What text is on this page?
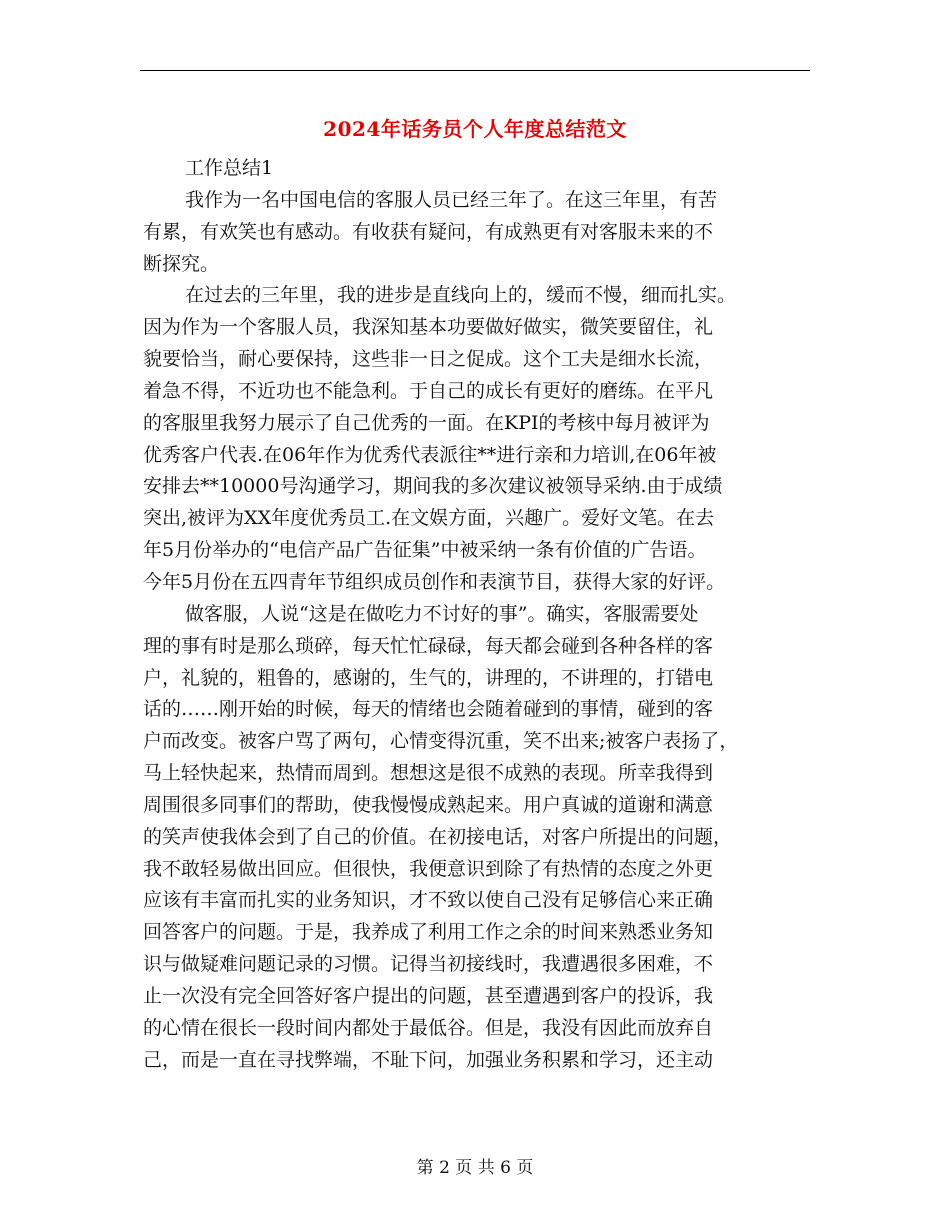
2024年话务员个人年度总结范文
工作总结1
我作为一名中国电信的客服人员已经三年了。在这三年里，有苦
有累，有欢笑也有感动。有收获有疑问，有成熟更有对客服未来的不
断探究。
在过去的三年里，我的进步是直线向上的，缓而不慢，细而扎实。
因为作为一个客服人员，我深知基本功要做好做实，微笑要留住，礼
貌要恰当，耐心要保持，这些非一日之促成。这个工夫是细水长流，
着急不得，不近功也不能急利。于自己的成长有更好的磨练。在平凡
的客服里我努力展示了自己优秀的一面。在KPI的考核中每月被评为
优秀客户代表.在06年作为优秀代表派往**进行亲和力培训,在06年被
安排去**10000号沟通学习，期间我的多次建议被领导采纳.由于成绩
突出,被评为XX年度优秀员工.在文娱方面，兴趣广。爱好文笔。在去
年5月份举办的“电信产品广告征集”中被采纳一条有价值的广告语。
今年5月份在五四青年节组织成员创作和表演节目，获得大家的好评。
做客服，人说“这是在做吃力不讨好的事”。确实，客服需要处
理的事有时是那么琐碎，每天忙忙碌碌，每天都会碰到各种各样的客
户，礼貌的，粗鲁的，感谢的，生气的，讲理的，不讲理的，打错电
话的……刚开始的时候，每天的情绪也会随着碰到的事情，碰到的客
户而改变。被客户骂了两句，心情变得沉重，笑不出来;被客户表扬了，
马上轻快起来，热情而周到。想想这是很不成熟的表现。所幸我得到
周围很多同事们的帮助，使我慢慢成熟起来。用户真诚的道谢和满意
的笑声使我体会到了自己的价值。在初接电话，对客户所提出的问题，
我不敢轻易做出回应。但很快，我便意识到除了有热情的态度之外更
应该有丰富而扎实的业务知识，才不致以使自己没有足够信心来正确
回答客户的问题。于是，我养成了利用工作之余的时间来熟悉业务知
识与做疑难问题记录的习惯。记得当初接线时，我遭遇很多困难，不
止一次没有完全回答好客户提出的问题，甚至遭遇到客户的投诉，我
的心情在很长一段时间内都处于最低谷。但是，我没有因此而放弃自
己，而是一直在寻找弊端，不耻下问，加强业务积累和学习，还主动
第 2 页 共 6 页
